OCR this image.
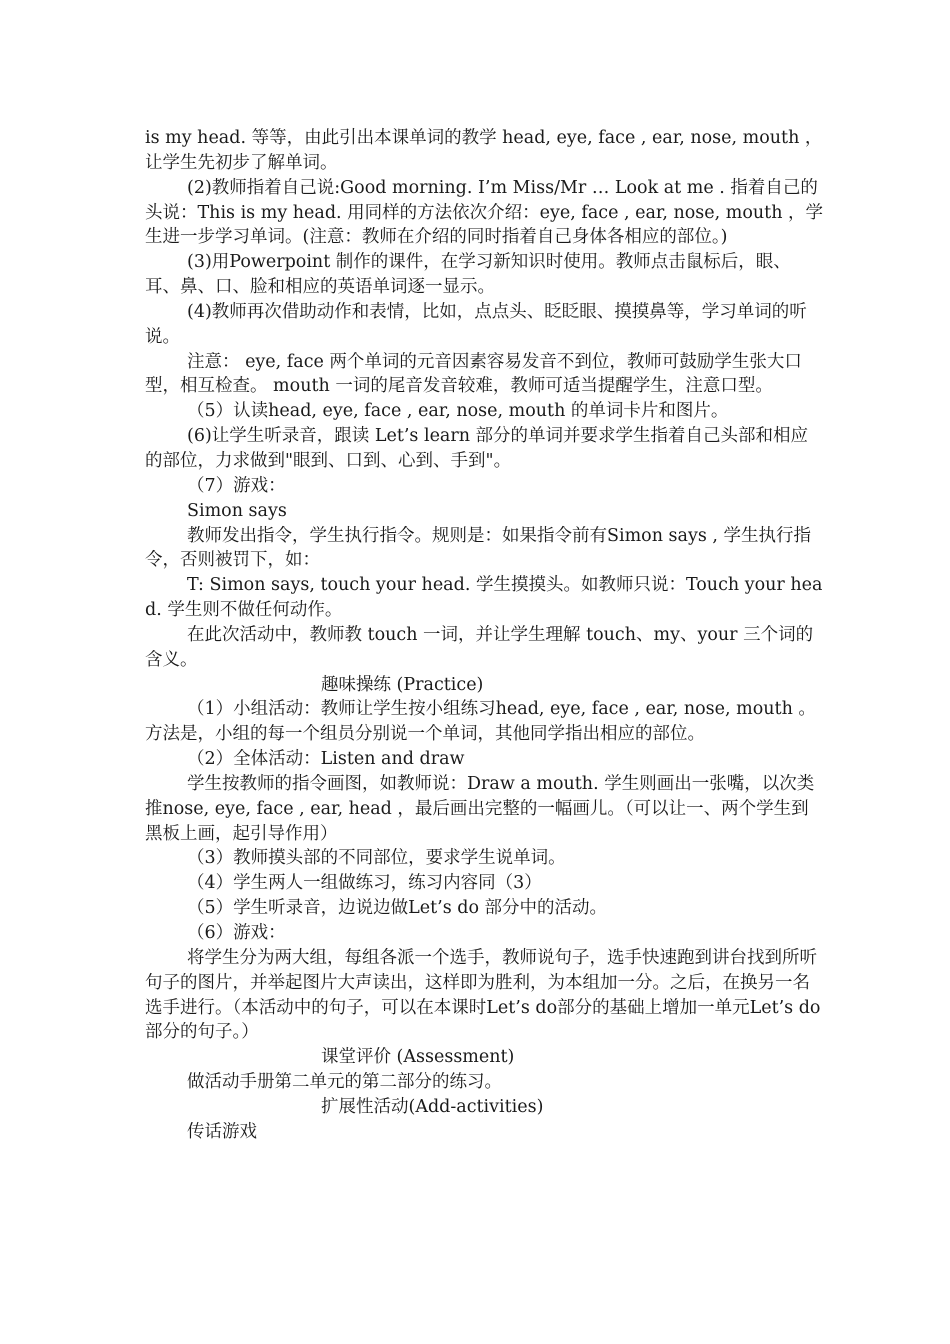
is my head. 等等，由此引出本课单词的教学 head, eye, face , ear, nose, mouth ，让学生先初步了解单词。

(2)教师指着自己说:Good morning. I’m Miss/Mr … Look at me . 指着自己的头说：This is my head. 用同样的方法依次介绍：eye, face , ear, nose, mouth ，学生进一步学习单词。(注意：教师在介绍的同时指着自己身体各相应的部位。)

(3)用Powerpoint 制作的课件，在学习新知识时使用。教师点击鼠标后，眼、耳、鼻、口、脸和相应的英语单词逐一显示。

(4)教师再次借助动作和表情，比如，点点头、眨眨眼、摸摸鼻等，学习单词的听说。

注意： eye, face 两个单词的元音因素容易发音不到位，教师可鼓励学生张大口型，相互检查。 mouth 一词的尾音发音较难，教师可适当提醒学生，注意口型。

（5）认读head, eye, face , ear, nose, mouth 的单词卡片和图片。

(6)让学生听录音，跟读 Let’s learn 部分的单词并要求学生指着自己头部和相应的部位，力求做到"眼到、口到、心到、手到"。

（7）游戏：

Simon says

教师发出指令，学生执行指令。规则是：如果指令前有Simon says , 学生执行指令，否则被罚下，如：

T: Simon says, touch your head. 学生摸摸头。如教师只说：Touch your head. 学生则不做任何动作。

在此次活动中，教师教 touch 一词，并让学生理解 touch、my、your 三个词的含义。

趣味操练 (Practice)

（1）小组活动：教师让学生按小组练习head, eye, face , ear, nose, mouth 。方法是，小组的每一个组员分别说一个单词，其他同学指出相应的部位。

（2）全体活动：Listen and draw

学生按教师的指令画图，如教师说：Draw a mouth. 学生则画出一张嘴，以次类推nose, eye, face , ear, head ，最后画出完整的一幅画儿。（可以让一、两个学生到黑板上画，起引导作用）

（3）教师摸头部的不同部位，要求学生说单词。

（4）学生两人一组做练习，练习内容同（3）

（5）学生听录音，边说边做Let’s do 部分中的活动。

（6）游戏：

将学生分为两大组，每组各派一个选手，教师说句子，选手快速跑到讲台找到所听句子的图片，并举起图片大声读出，这样即为胜利，为本组加一分。之后，在换另一名选手进行。（本活动中的句子，可以在本课时Let’s do部分的基础上增加一单元Let’s do部分的句子。）

课堂评价 (Assessment)

做活动手册第二单元的第二部分的练习。

扩展性活动(Add-activities)

传话游戏
